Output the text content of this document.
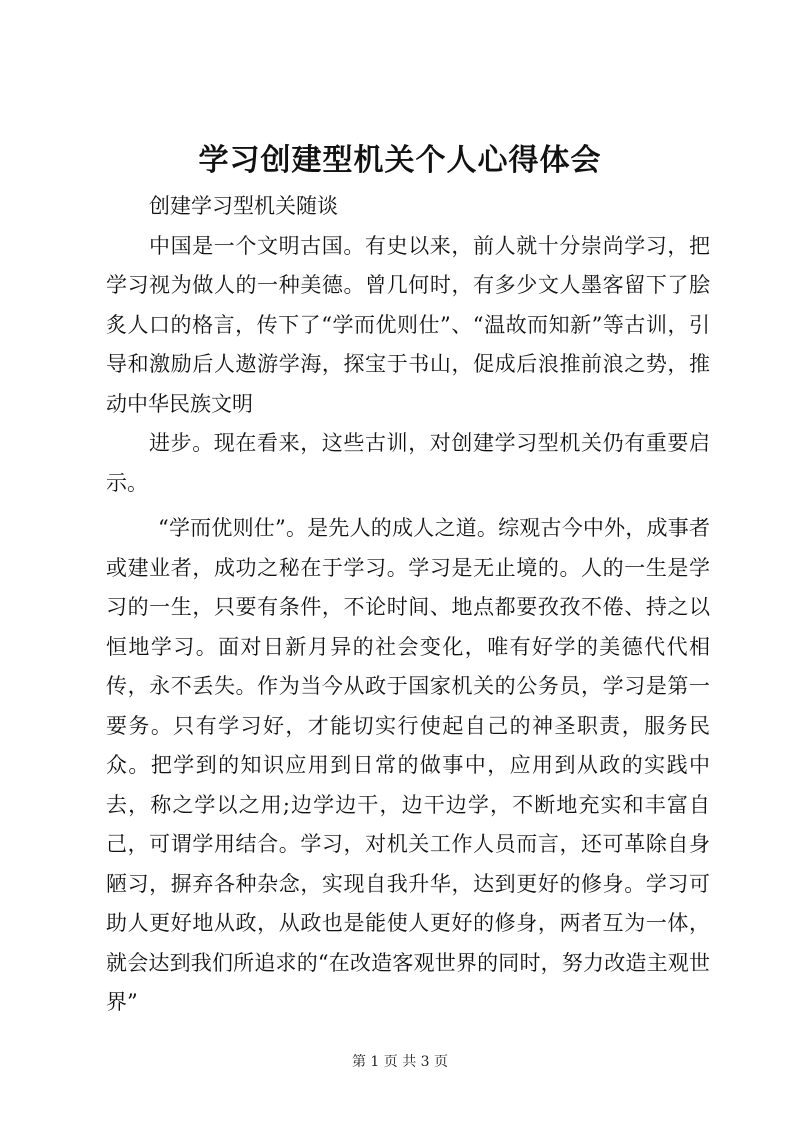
学习创建型机关个人心得体会

创建学习型机关随谈

中国是一个文明古国。有史以来，前人就十分崇尚学习，把学习视为做人的一种美德。曾几何时，有多少文人墨客留下了脍炙人口的格言，传下了“学而优则仕”、“温故而知新”等古训，引导和激励后人遨游学海，探宝于书山，促成后浪推前浪之势，推动中华民族文明

进步。现在看来，这些古训，对创建学习型机关仍有重要启示。

“学而优则仕”。是先人的成人之道。综观古今中外，成事者或建业者，成功之秘在于学习。学习是无止境的。人的一生是学习的一生，只要有条件，不论时间、地点都要孜孜不倦、持之以恒地学习。面对日新月异的社会变化，唯有好学的美德代代相传，永不丢失。作为当今从政于国家机关的公务员，学习是第一要务。只有学习好，才能切实行使起自己的神圣职责，服务民众。把学到的知识应用到日常的做事中，应用到从政的实践中去，称之学以之用;边学边干，边干边学，不断地充实和丰富自己，可谓学用结合。学习，对机关工作人员而言，还可革除自身陋习，摒弃各种杂念，实现自我升华，达到更好的修身。学习可助人更好地从政，从政也是能使人更好的修身，两者互为一体，就会达到我们所追求的“在改造客观世界的同时，努力改造主观世界”

第 1 页 共 3 页
